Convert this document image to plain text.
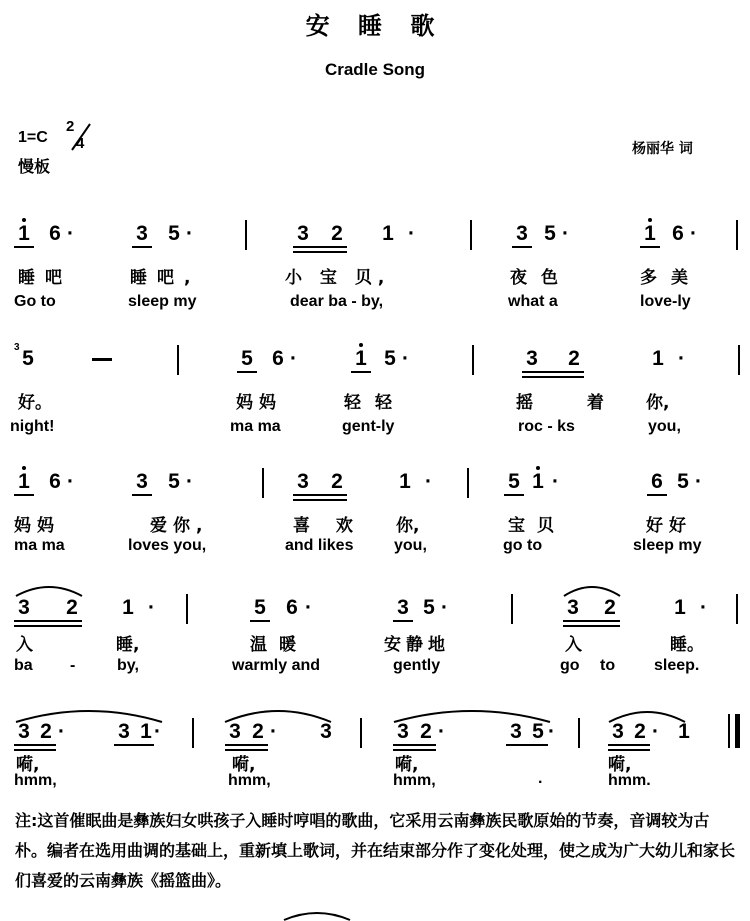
安 睡 歌
Cradle Song
1=C
2
4
慢板
杨丽华 词
1 6 ·	3 5 ·	3 2 1 ·	3 5 ·	1 6 ·
睡吧	睡吧,	小 宝 贝,	夜色	多美
Go to	sleep my	dear ba - by,	what a	love-ly
3 5	5 6 ·	1 5 ·	3 2	1 ·
好。	妈妈	轻轻	摇 着 你,
night!	ma ma	gent-ly	roc - ks	you,
1 6 ·	3 5 ·	3 2	1 ·	5 1 ·	6 5 ·
妈妈	爱你,	喜 欢 你,	宝贝	好好
ma ma	loves you,	and likes	you,	go to	sleep my
3 2 1 ·	5 6 ·	3 5 ·	3 2	1 ·
入	睡,	温暖	安静地	入	睡。
ba -	by,	warmly and	gently	go to sleep.
3 2 ·	3 1 ·	3 2 · 3	3 2 ·	3 5 ·	3 2 · 1
嗬,	嗬,	嗬,	嗬,
hmm,	hmm,	hmm,	.	hmm.
注:这首催眠曲是彝族妇女哄孩子入睡时哼唱的歌曲，它采用云南彝族民歌原始的节奏，音调较为古朴。编者在选用曲调的基础上，重新填上歌词，并在结束部分作了变化处理，使之成为广大幼儿和家长们喜爱的云南彝族《摇篮曲》。
